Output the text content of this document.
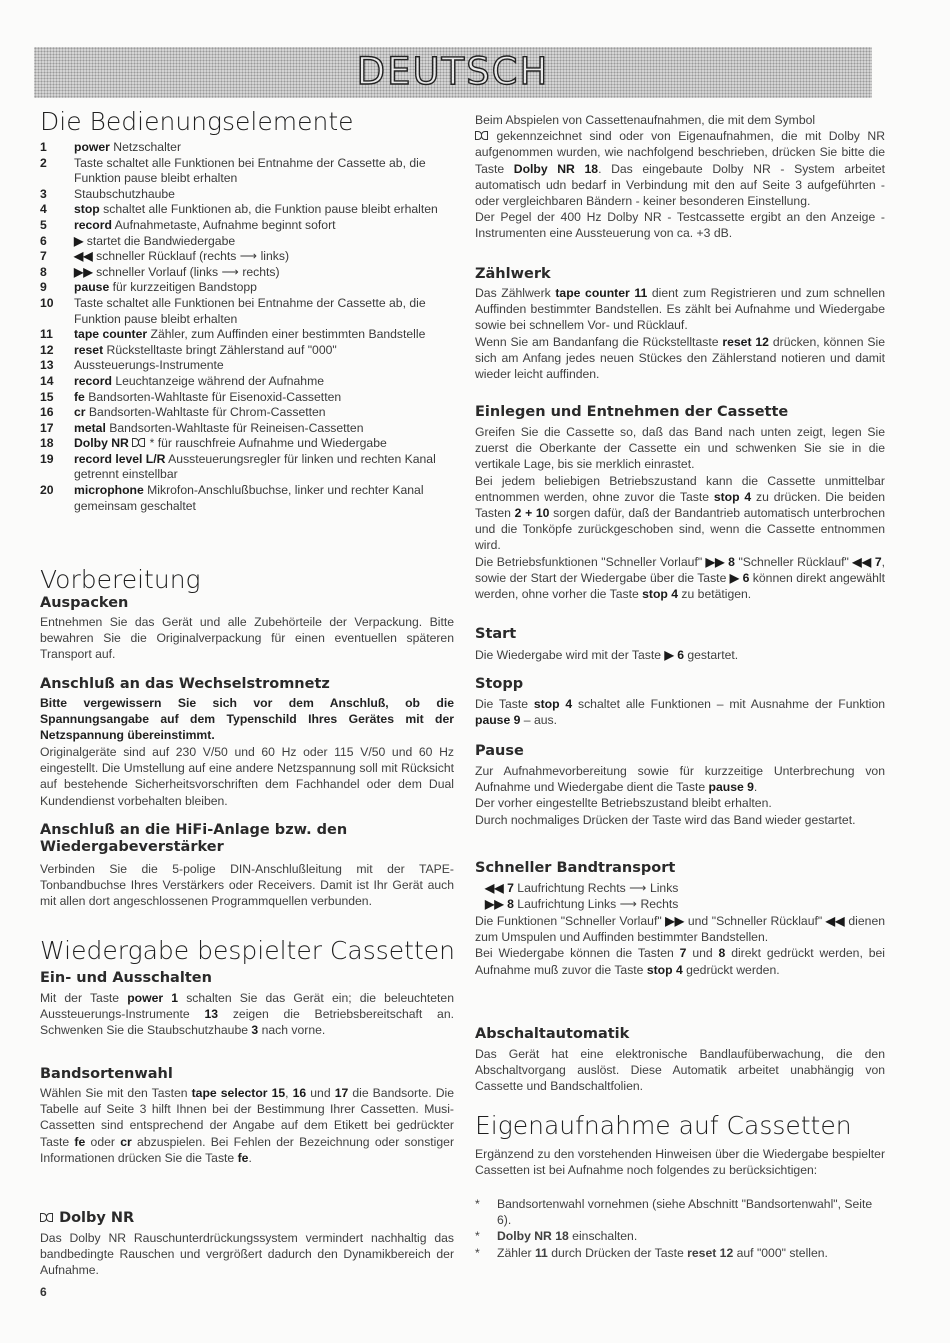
DEUTSCH
Die Bedienungselemente
1	power Netzschalter
2	Taste schaltet alle Funktionen bei Entnahme der Cassette ab, die Funktion pause bleibt erhalten
3	Staubschutzhaube
4	stop schaltet alle Funktionen ab, die Funktion pause bleibt erhalten
5	record Aufnahmetaste, Aufnahme beginnt sofort
6	▶ startet die Bandwiedergabe
7	◀◀ schneller Rücklauf (rechts ⟶ links)
8	▶▶ schneller Vorlauf (links ⟶ rechts)
9	pause für kurzzeitigen Bandstopp
10	Taste schaltet alle Funktionen bei Entnahme der Cassette ab, die Funktion pause bleibt erhalten
11	tape counter Zähler, zum Auffinden einer bestimmten Bandstelle
12	reset Rückstelltaste bringt Zählerstand auf "000"
13	Aussteuerungs-Instrumente
14	record Leuchtanzeige während der Aufnahme
15	fe Bandsorten-Wahltaste für Eisenoxid-Cassetten
16	cr Bandsorten-Wahltaste für Chrom-Cassetten
17	metal Bandsorten-Wahltaste für Reineisen-Cassetten
18	Dolby NR * für rauschfreie Aufnahme und Wiedergabe
19	record level L/R Aussteuerungsregler für linken und rechten Kanal getrennt einstellbar
20	microphone Mikrofon-Anschlußbuchse, linker und rechter Kanal gemeinsam geschaltet
Vorbereitung
Auspacken
Entnehmen Sie das Gerät und alle Zubehörteile der Verpackung. Bitte bewahren Sie die Originalverpackung für einen eventuellen späteren Transport auf.
Anschluß an das Wechselstromnetz
Bitte vergewissern Sie sich vor dem Anschluß, ob die Spannungsangabe auf dem Typenschild Ihres Gerätes mit der Netzspannung übereinstimmt.
Originalgeräte sind auf 230 V/50 und 60 Hz oder 115 V/50 und 60 Hz eingestellt. Die Umstellung auf eine andere Netzspannung soll mit Rücksicht auf bestehende Sicherheitsvorschriften dem Fachhandel oder dem Dual Kundendienst vorbehalten bleiben.
Anschluß an die HiFi-Anlage bzw. den Wiedergabeverstärker
Verbinden Sie die 5-polige DIN-Anschlußleitung mit der TAPE-Tonbandbuchse Ihres Verstärkers oder Receivers. Damit ist Ihr Gerät auch mit allen dort angeschlossenen Programmquellen verbunden.
Wiedergabe bespielter Cassetten
Ein- und Ausschalten
Mit der Taste power 1 schalten Sie das Gerät ein; die beleuchteten Aussteuerungs-Instrumente 13 zeigen die Betriebsbereitschaft an. Schwenken Sie die Staubschutzhaube 3 nach vorne.
Bandsortenwahl
Wählen Sie mit den Tasten tape selector 15, 16 und 17 die Bandsorte. Die Tabelle auf Seite 3 hilft Ihnen bei der Bestimmung Ihrer Cassetten. Musi-Cassetten sind entsprechend der Angabe auf dem Etikett bei gedrückter Taste fe oder cr abzuspielen. Bei Fehlen der Bezeichnung oder sonstiger Informationen drücken Sie die Taste fe.
Dolby NR
Das Dolby NR Rauschunterdrückungssystem vermindert nachhaltig das bandbedingte Rauschen und vergrößert dadurch den Dynamikbereich der Aufnahme.
Beim Abspielen von Cassettenaufnahmen, die mit dem Symbol
gekennzeichnet sind oder von Eigenaufnahmen, die mit Dolby NR aufgenommen wurden, wie nachfolgend beschrieben, drücken Sie bitte die Taste Dolby NR 18. Das eingebaute Dolby NR - System arbeitet automatisch udn bedarf in Verbindung mit den auf Seite 3 aufgeführten - oder vergleichbaren Bändern - keiner besonderen Einstellung.
Der Pegel der 400 Hz Dolby NR - Testcassette ergibt an den Anzeige - Instrumenten eine Aussteuerung von ca. +3 dB.
Zählwerk
Das Zählwerk tape counter 11 dient zum Registrieren und zum schnellen Auffinden bestimmter Bandstellen. Es zählt bei Aufnahme und Wiedergabe sowie bei schnellem Vor- und Rücklauf.
Wenn Sie am Bandanfang die Rückstelltaste reset 12 drücken, können Sie sich am Anfang jedes neuen Stückes den Zählerstand notieren und damit wieder leicht auffinden.
Einlegen und Entnehmen der Cassette
Greifen Sie die Cassette so, daß das Band nach unten zeigt, legen Sie zuerst die Oberkante der Cassette ein und schwenken Sie sie in die vertikale Lage, bis sie merklich einrastet.
Bei jedem beliebigen Betriebszustand kann die Cassette unmittelbar entnommen werden, ohne zuvor die Taste stop 4 zu drücken. Die beiden Tasten 2 + 10 sorgen dafür, daß der Bandantrieb automatisch unterbrochen und die Tonköpfe zurückgeschoben sind, wenn die Cassette entnommen wird.
Die Betriebsfunktionen "Schneller Vorlauf" ▶▶ 8 "Schneller Rücklauf" ◀◀ 7, sowie der Start der Wiedergabe über die Taste ▶ 6 können direkt angewählt werden, ohne vorher die Taste stop 4 zu betätigen.
Start
Die Wiedergabe wird mit der Taste ▶ 6 gestartet.
Stopp
Die Taste stop 4 schaltet alle Funktionen – mit Ausnahme der Funktion pause 9 – aus.
Pause
Zur Aufnahmevorbereitung sowie für kurzzeitige Unterbrechung von Aufnahme und Wiedergabe dient die Taste pause 9.
Der vorher eingestellte Betriebszustand bleibt erhalten.
Durch nochmaliges Drücken der Taste wird das Band wieder gestartet.
Schneller Bandtransport
◀◀ 7 Laufrichtung Rechts ⟶ Links
▶▶ 8 Laufrichtung Links ⟶ Rechts
Die Funktionen "Schneller Vorlauf" ▶▶ und "Schneller Rücklauf" ◀◀ dienen zum Umspulen und Auffinden bestimmter Bandstellen.
Bei Wiedergabe können die Tasten 7 und 8 direkt gedrückt werden, bei Aufnahme muß zuvor die Taste stop 4 gedrückt werden.
Abschaltautomatik
Das Gerät hat eine elektronische Bandlaufüberwachung, die den Abschaltvorgang auslöst. Diese Automatik arbeitet unabhängig von Cassette und Bandschaltfolien.
Eigenaufnahme auf Cassetten
Ergänzend zu den vorstehenden Hinweisen über die Wiedergabe bespielter Cassetten ist bei Aufnahme noch folgendes zu berücksichtigen:
*	Bandsortenwahl vornehmen (siehe Abschnitt "Bandsortenwahl", Seite 6).
*	Dolby NR 18 einschalten.
*	Zähler 11 durch Drücken der Taste reset 12 auf "000" stellen.
6
